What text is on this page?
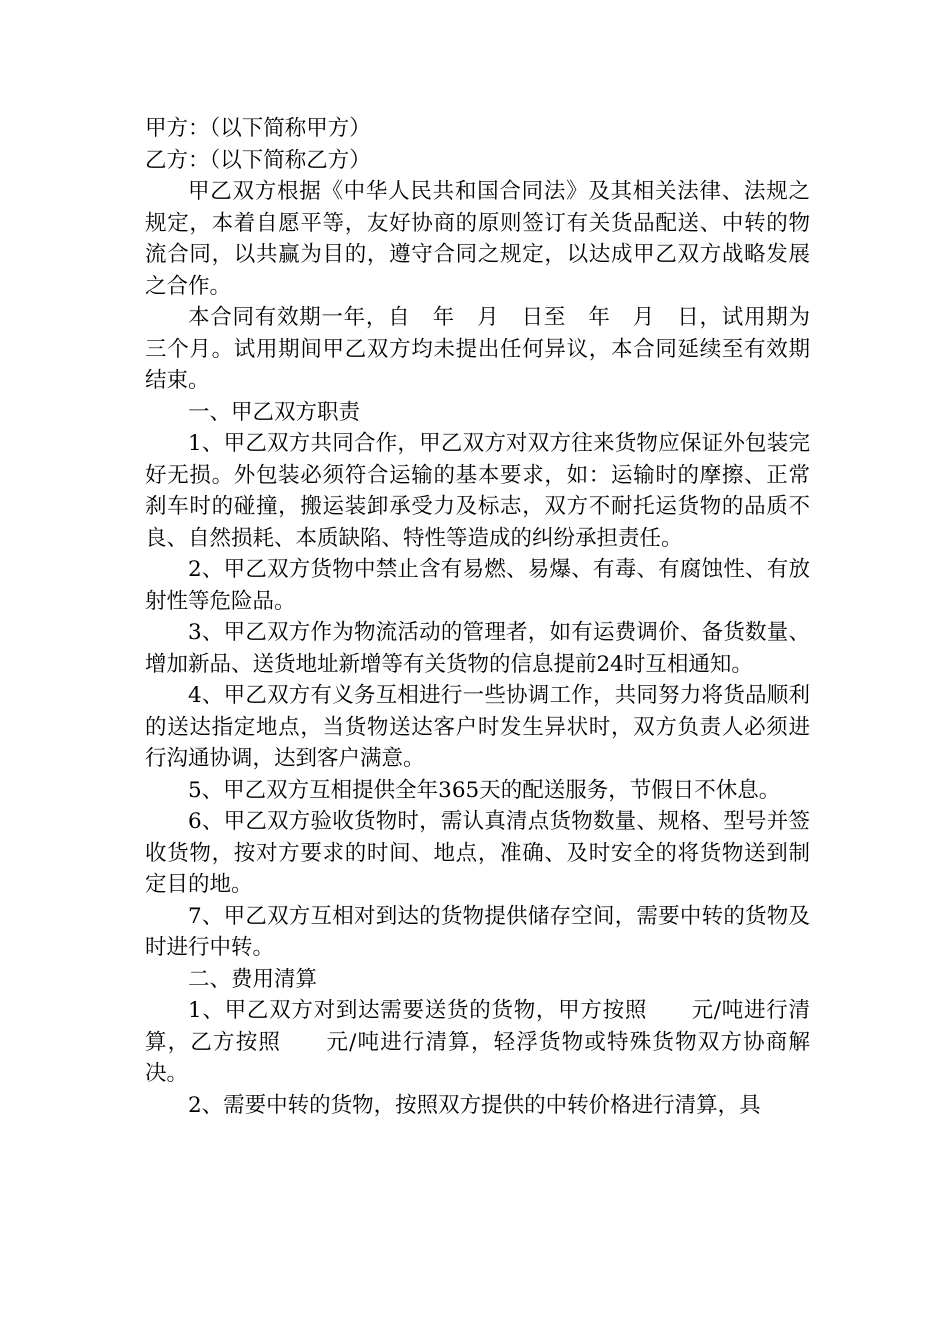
甲方：（以下简称甲方）

乙方：（以下简称乙方）

甲乙双方根据《中华人民共和国合同法》及其相关法律、法规之规定，本着自愿平等，友好协商的原则签订有关货品配送、中转的物流合同，以共赢为目的，遵守合同之规定，以达成甲乙双方战略发展之合作。

本合同有效期一年，自　年　月　日至　年　月　日，试用期为三个月。试用期间甲乙双方均未提出任何异议，本合同延续至有效期结束。

一、甲乙双方职责

1、甲乙双方共同合作，甲乙双方对双方往来货物应保证外包装完好无损。外包装必须符合运输的基本要求，如：运输时的摩擦、正常刹车时的碰撞，搬运装卸承受力及标志，双方不耐托运货物的品质不良、自然损耗、本质缺陷、特性等造成的纠纷承担责任。

2、甲乙双方货物中禁止含有易燃、易爆、有毒、有腐蚀性、有放射性等危险品。

3、甲乙双方作为物流活动的管理者，如有运费调价、备货数量、增加新品、送货地址新增等有关货物的信息提前24时互相通知。

4、甲乙双方有义务互相进行一些协调工作，共同努力将货品顺利的送达指定地点，当货物送达客户时发生异状时，双方负责人必须进行沟通协调，达到客户满意。

5、甲乙双方互相提供全年365天的配送服务，节假日不休息。

6、甲乙双方验收货物时，需认真清点货物数量、规格、型号并签收货物，按对方要求的时间、地点，准确、及时安全的将货物送到制定目的地。

7、甲乙双方互相对到达的货物提供储存空间，需要中转的货物及时进行中转。

二、费用清算

1、甲乙双方对到达需要送货的货物，甲方按照　　元/吨进行清算，乙方按照　　元/吨进行清算，轻浮货物或特殊货物双方协商解决。

2、需要中转的货物，按照双方提供的中转价格进行清算，具
